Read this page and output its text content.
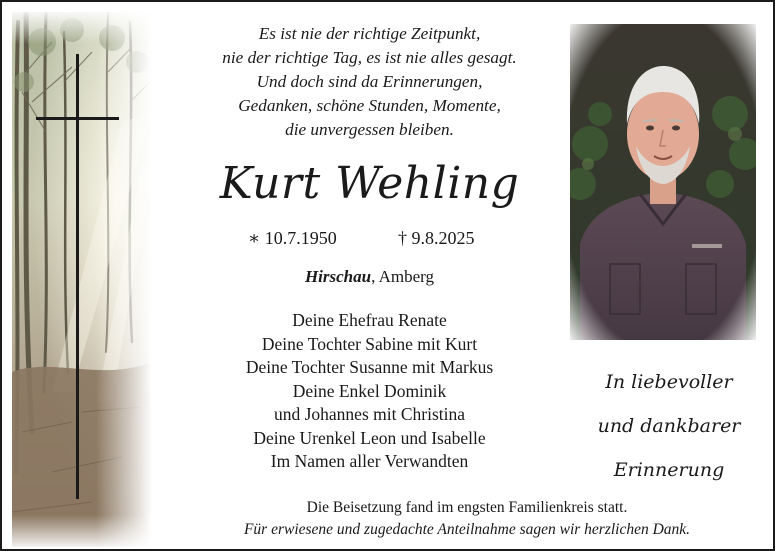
Es ist nie der richtige Zeitpunkt,
nie der richtige Tag, es ist nie alles gesagt.
Und doch sind da Erinnerungen,
Gedanken, schöne Stunden, Momente,
die unvergessen bleiben.
Kurt Wehling
∗ 10.7.1950	† 9.8.2025
Hirschau, Amberg
Deine Ehefrau Renate
Deine Tochter Sabine mit Kurt
Deine Tochter Susanne mit Markus
Deine Enkel Dominik
und Johannes mit Christina
Deine Urenkel Leon und Isabelle
Im Namen aller Verwandten
In liebevoller
und dankbarer
Erinnerung
Die Beisetzung fand im engsten Familienkreis statt.
Für erwiesene und zugedachte Anteilnahme sagen wir herzlichen Dank.
